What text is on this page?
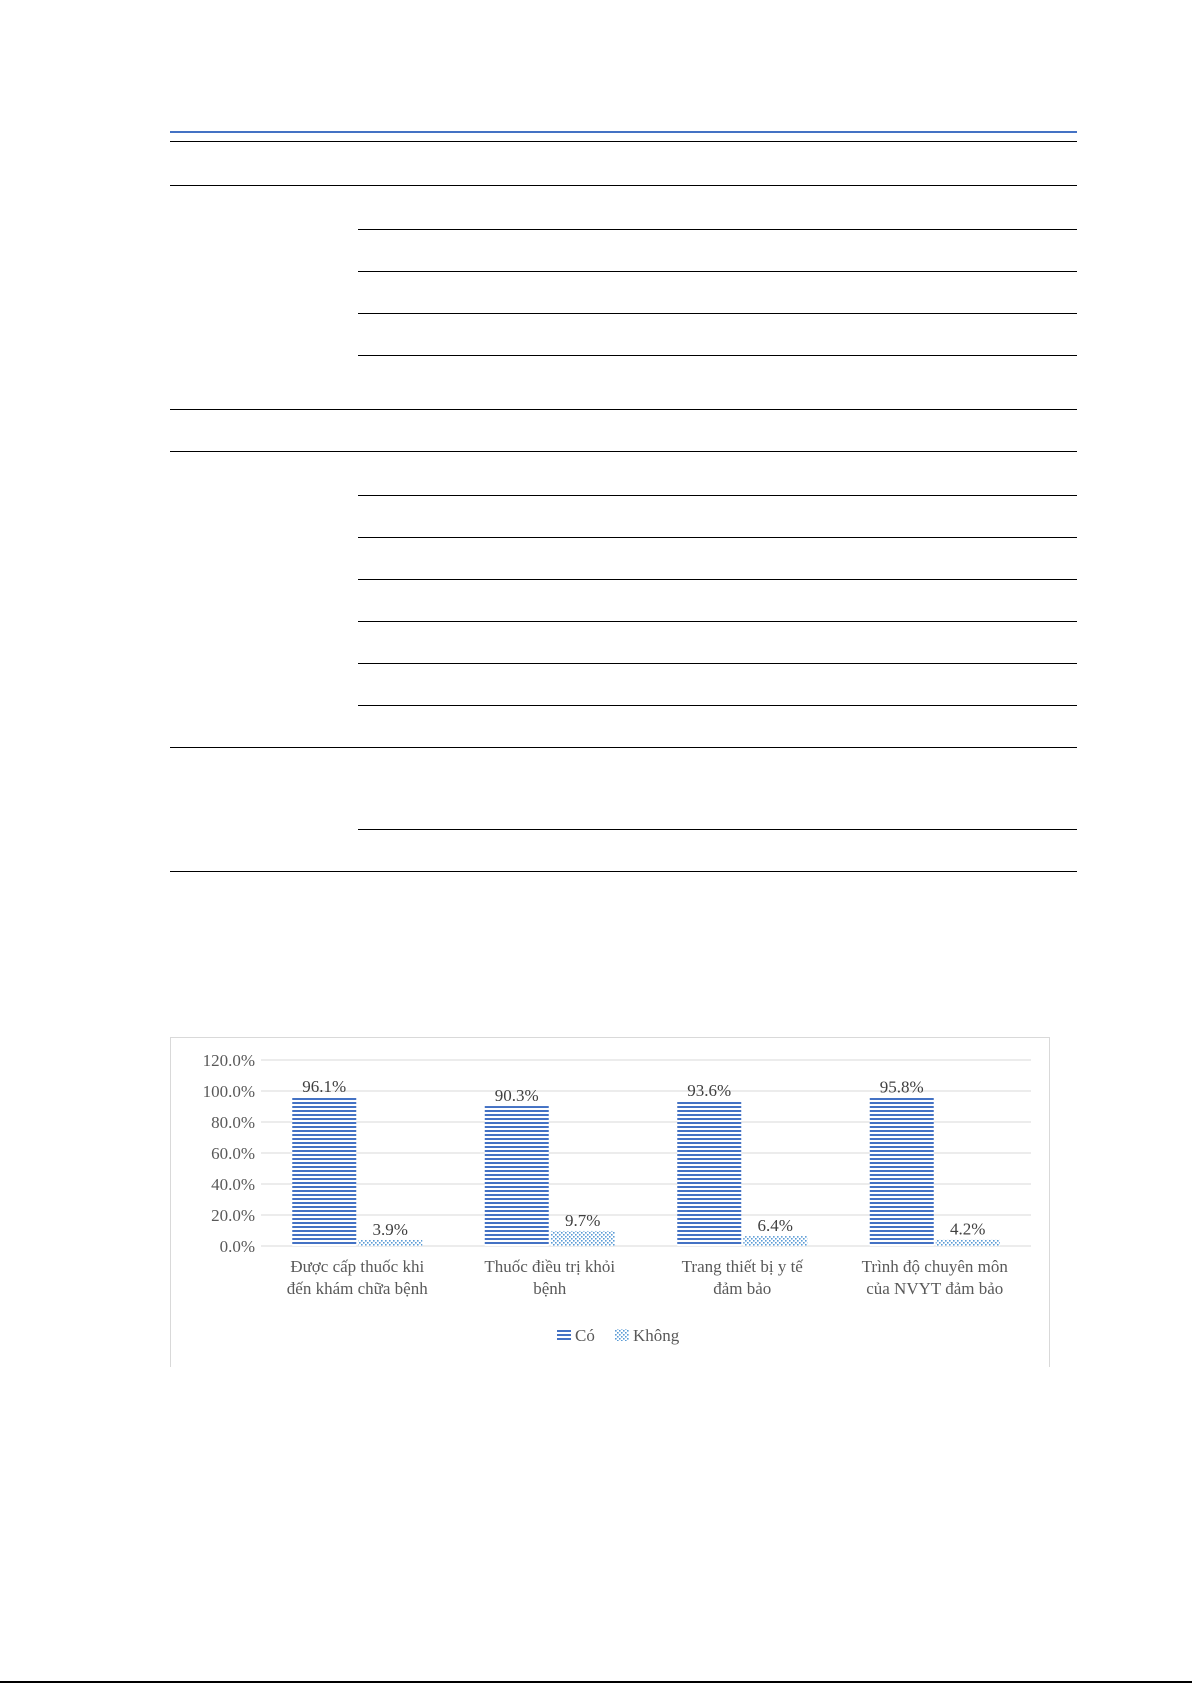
0.0%
20.0%
40.0%
60.0%
80.0%
100.0%
120.0%
96.1%	90.3%	93.6%	95.8%
3.9%	9.7%	6.4%	4.2%
Được cấp thuốc khi
đến khám chữa bệnh
Thuốc điều trị khỏi
bệnh
Trang thiết bị y tế
đảm bảo
Trình độ chuyên môn
của NVYT đảm bảo
Có Không
